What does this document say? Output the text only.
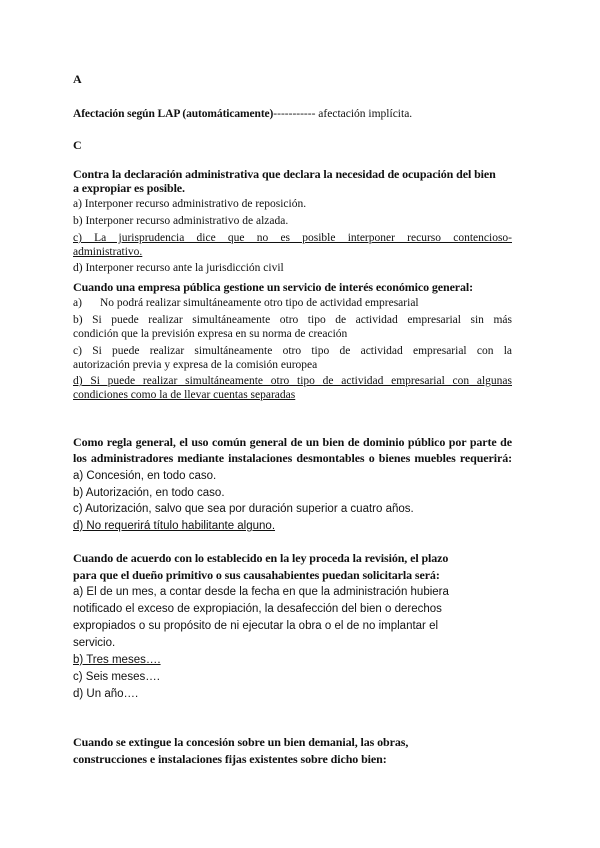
A
Afectación según LAP (automáticamente)----------- afectación implícita.
C
Contra la declaración administrativa que declara la necesidad de ocupación del bien
a expropiar es posible.
a) Interponer recurso administrativo de reposición.
b) Interponer recurso administrativo de alzada.
c) La jurisprudencia dice que no es posible interponer recurso contencioso-
administrativo.
d) Interponer recurso ante la jurisdicción civil
Cuando una empresa pública gestione un servicio de interés económico general:
a) No podrá realizar simultáneamente otro tipo de actividad empresarial
b) Si puede realizar simultáneamente otro tipo de actividad empresarial sin más
condición que la previsión expresa en su norma de creación
c) Si puede realizar simultáneamente otro tipo de actividad empresarial con la
autorización previa y expresa de la comisión europea
d) Si puede realizar simultáneamente otro tipo de actividad empresarial con algunas
condiciones como la de llevar cuentas separadas
Como regla general, el uso común general de un bien de dominio público por parte de
los administradores mediante instalaciones desmontables o bienes muebles requerirá:
a) Concesión, en todo caso.
b) Autorización, en todo caso.
c) Autorización, salvo que sea por duración superior a cuatro años.
d) No requerirá título habilitante alguno.
Cuando de acuerdo con lo establecido en la ley proceda la revisión, el plazo
para que el dueño primitivo o sus causahabientes puedan solicitarla será:
a) El de un mes, a contar desde la fecha en que la administración hubiera
notificado el exceso de expropiación, la desafección del bien o derechos
expropiados o su propósito de ni ejecutar la obra o el de no implantar el
servicio.
b) Tres meses….
c) Seis meses….
d) Un año….
Cuando se extingue la concesión sobre un bien demanial, las obras,
construcciones e instalaciones fijas existentes sobre dicho bien:
